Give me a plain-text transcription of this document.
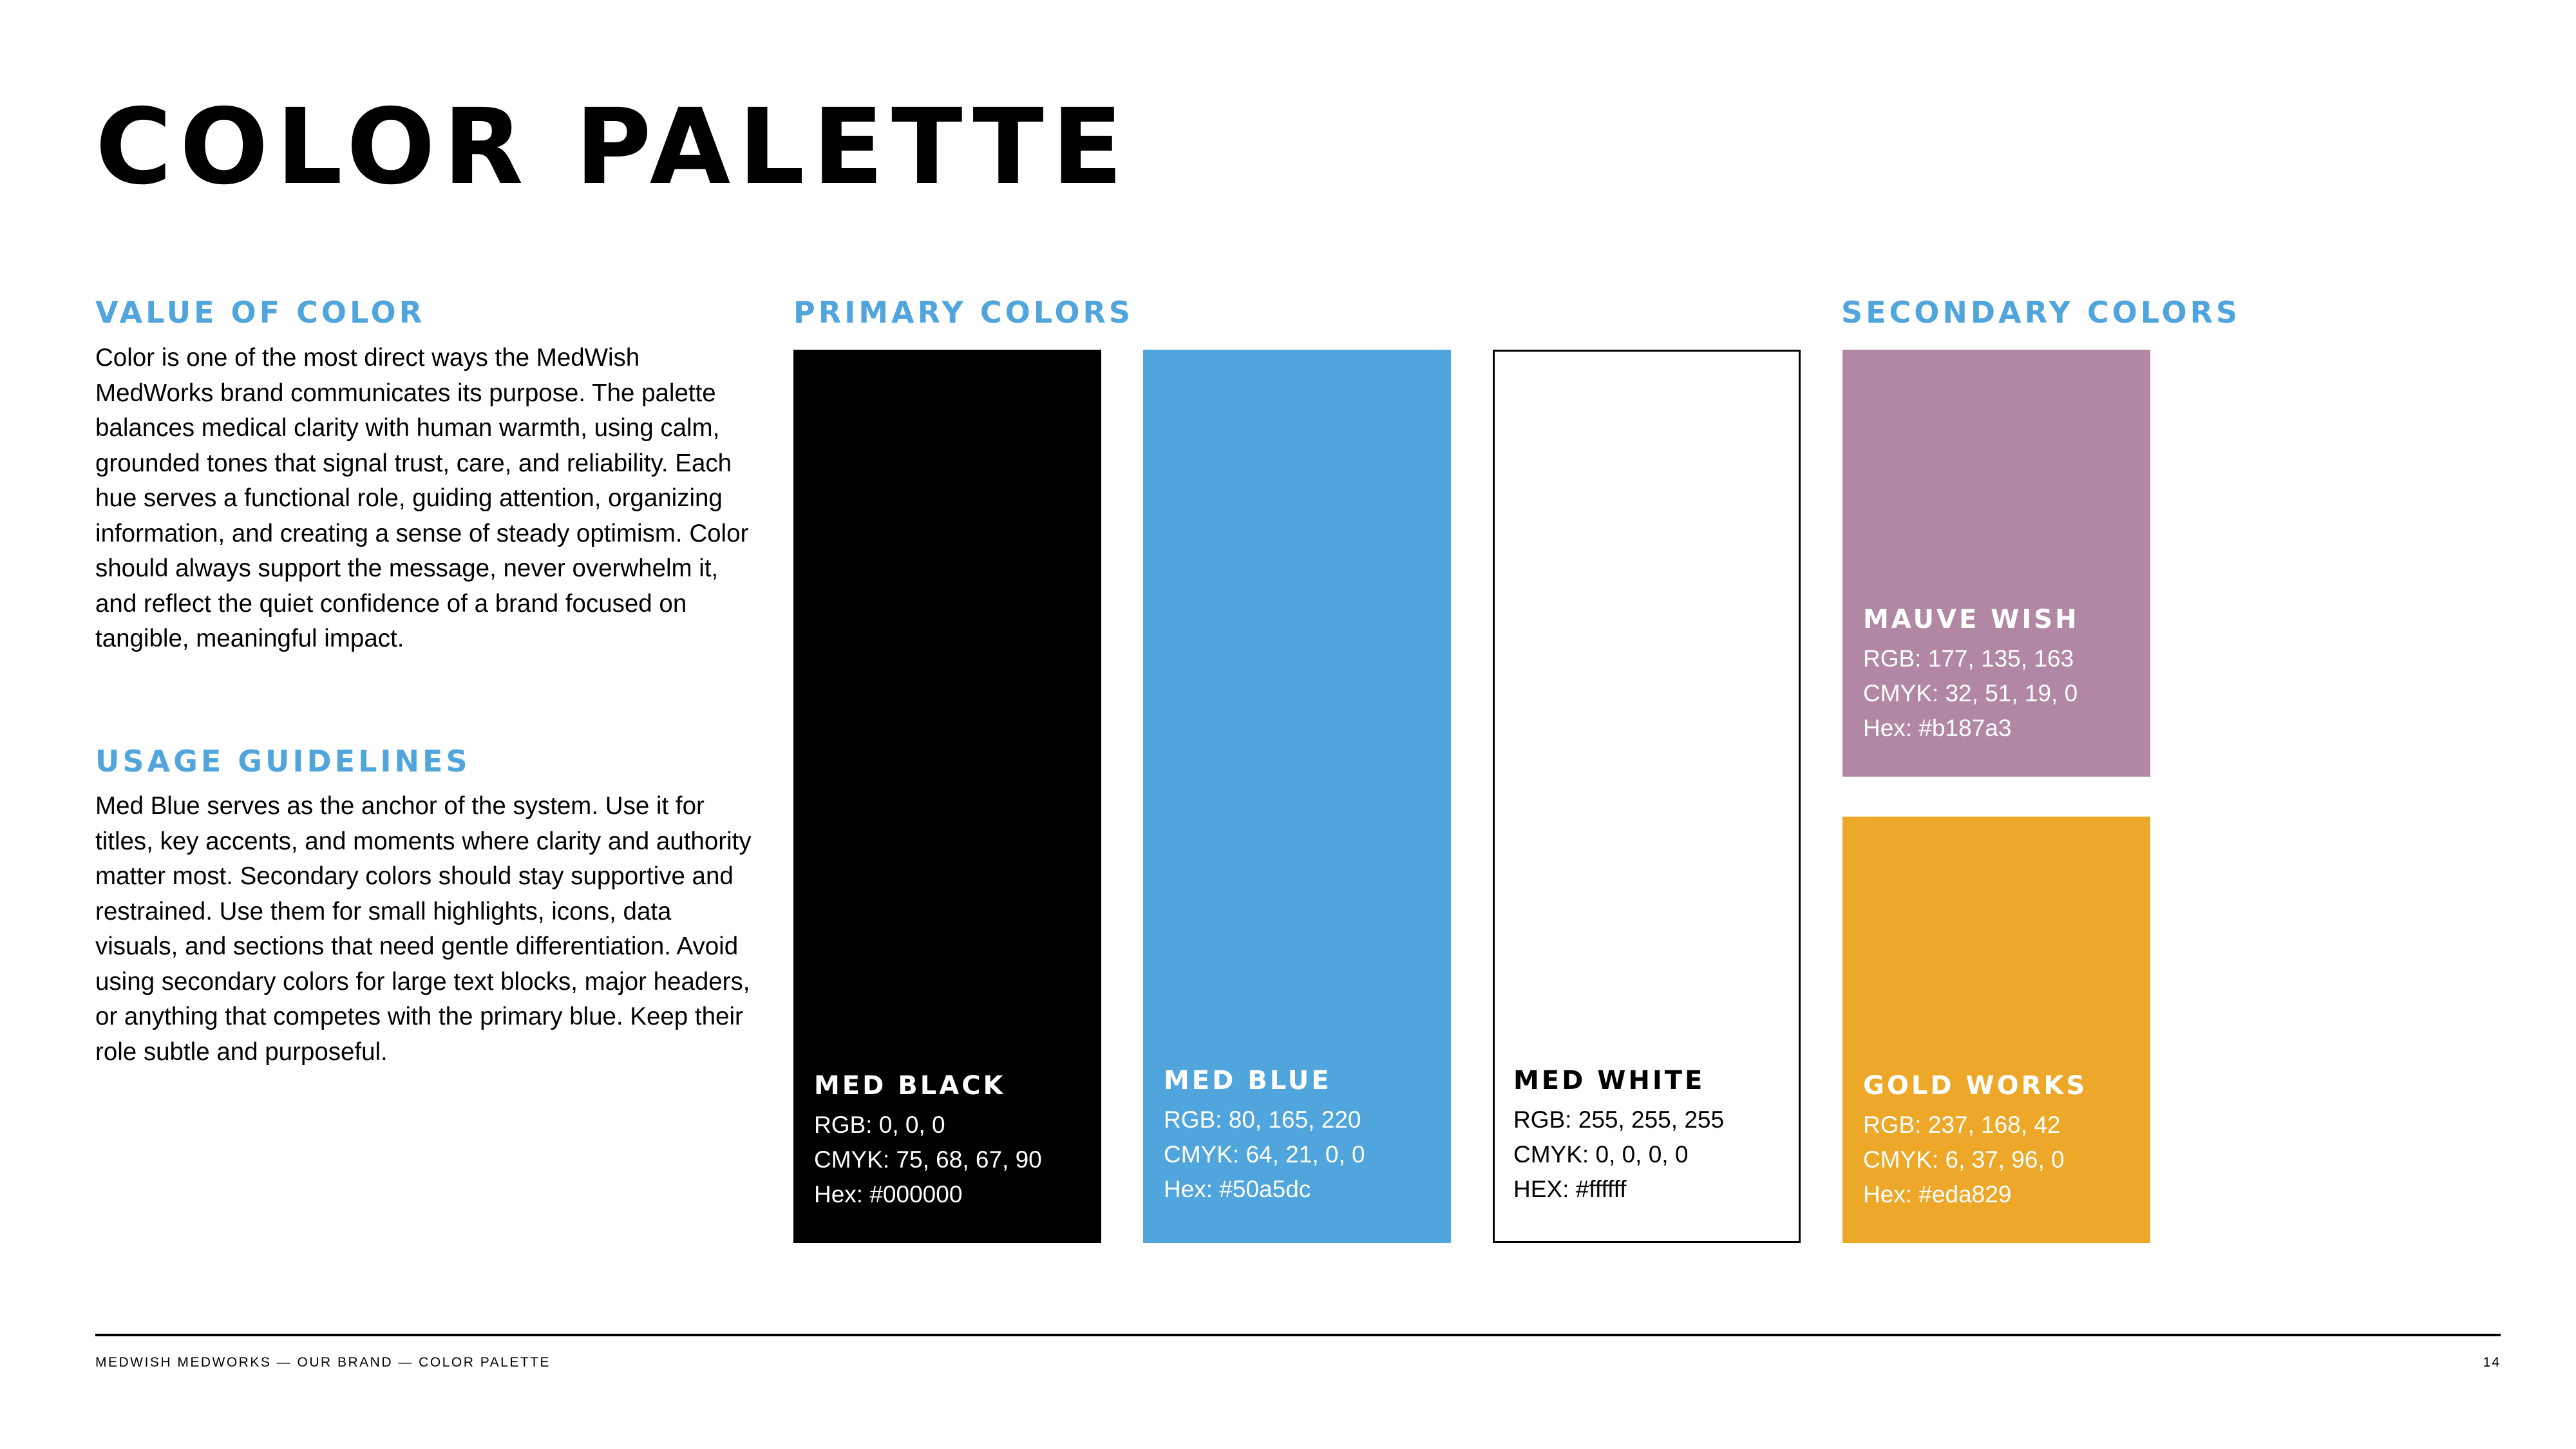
COLOR PALETTE
VALUE OF COLOR

Color is one of the most direct ways the MedWish MedWorks brand communicates its purpose. The palette balances medical clarity with human warmth, using calm, grounded tones that signal trust, care, and reliability. Each hue serves a functional role, guiding attention, organizing information, and creating a sense of steady optimism. Color should always support the message, never overwhelm it, and reflect the quiet confidence of a brand focused on tangible, meaningful impact.

USAGE GUIDELINES

Med Blue serves as the anchor of the system. Use it for titles, key accents, and moments where clarity and authority matter most. Secondary colors should stay supportive and restrained. Use them for small highlights, icons, data visuals, and sections that need gentle differentiation. Avoid using secondary colors for large text blocks, major headers, or anything that competes with the primary blue. Keep their role subtle and purposeful.

PRIMARY COLORS	SECONDARY COLORS
MED BLACK
RGB: 0, 0, 0
CMYK: 75, 68, 67, 90
Hex: #000000
MED BLUE
RGB: 80, 165, 220
CMYK: 64, 21, 0, 0
Hex: #50a5dc
MED WHITE
RGB: 255, 255, 255
CMYK: 0, 0, 0, 0
HEX: #ffffff
MAUVE WISH
RGB: 177, 135, 163
CMYK: 32, 51, 19, 0
Hex: #b187a3
GOLD WORKS
RGB: 237, 168, 42
CMYK: 6, 37, 96, 0
Hex: #eda829
MEDWISH MEDWORKS — OUR BRAND — COLOR PALETTE	14
